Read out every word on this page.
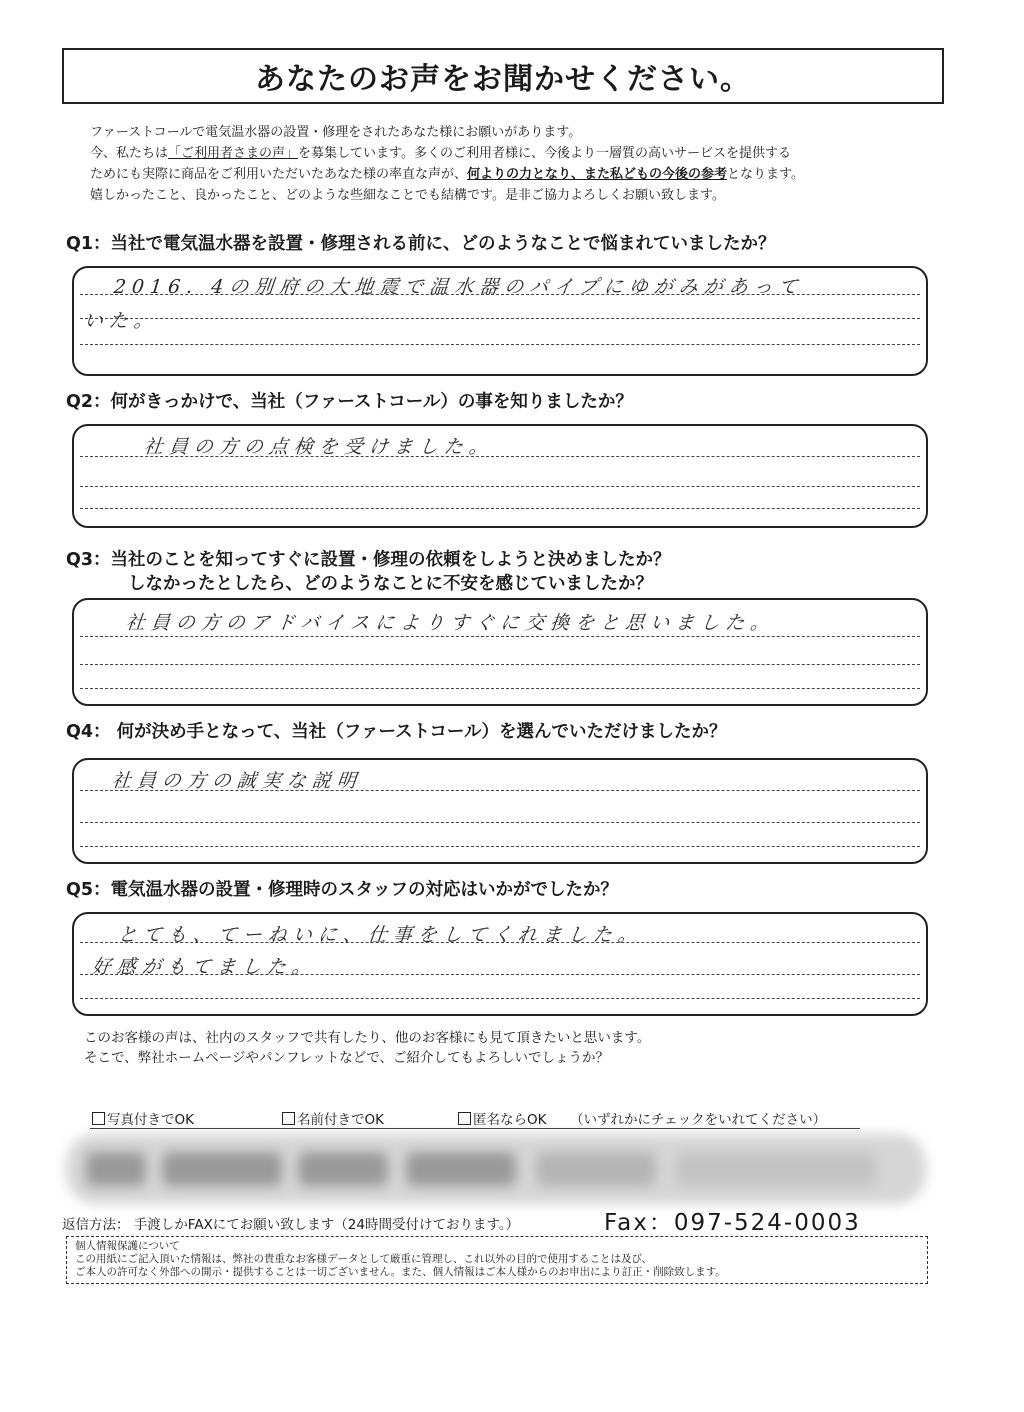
あなたのお声をお聞かせください。
ファーストコールで電気温水器の設置・修理をされたあなた様にお願いがあります。
今、私たちは「ご利用者さまの声」を募集しています。多くのご利用者様に、今後より一層質の高いサービスを提供する
ためにも実際に商品をご利用いただいたあなた様の率直な声が、何よりの力となり、また私どもの今後の参考となります。
嬉しかったこと、良かったこと、どのような些細なことでも結構です。是非ご協力よろしくお願い致します。
Q1：当社で電気温水器を設置・修理される前に、どのようなことで悩まれていましたか？
2016．4の別府の大地震で温水器のパイプにゆがみがあって
いた。
Q2：何がきっかけで、当社（ファーストコール）の事を知りましたか？
社員の方の点検を受けました。
Q3：当社のことを知ってすぐに設置・修理の依頼をしようと決めましたか？
しなかったとしたら、どのようなことに不安を感じていましたか？
社員の方のアドバイスによりすぐに交換をと思いました。
Q4： 何が決め手となって、当社（ファーストコール）を選んでいただけましたか？
社員の方の誠実な説明
Q5：電気温水器の設置・修理時のスタッフの対応はいかがでしたか？
とても、てーねいに、仕事をしてくれました。
好感がもてました。
このお客様の声は、社内のスタッフで共有したり、他のお客様にも見て頂きたいと思います。
そこで、弊社ホームページやパンフレットなどで、ご紹介してもよろしいでしょうか？
写真付きでOK	名前付きでOK	匿名ならOK （いずれかにチェックをいれてください）
返信方法： 手渡しかFAXにてお願い致します（24時間受付けております。）	Fax：097-524-0003
個人情報保護について
この用紙にご記入頂いた情報は、弊社の貴重なお客様データとして厳重に管理し、これ以外の目的で使用することは及び、
ご本人の許可なく外部への開示・提供することは一切ございません。また、個人情報はご本人様からのお申出により訂正・削除致します。
